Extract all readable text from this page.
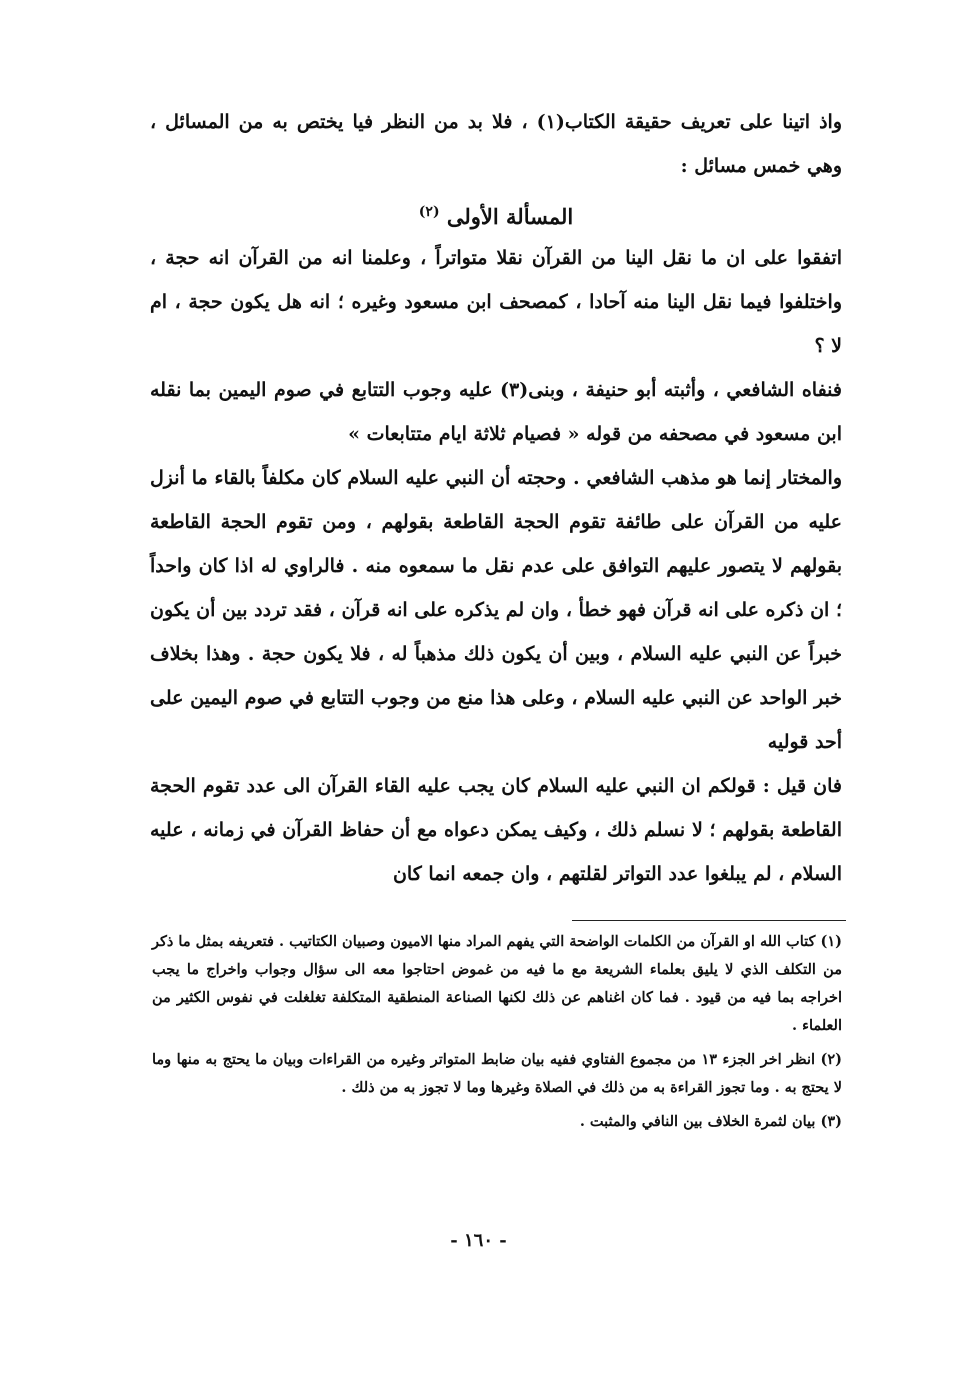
واذ اتينا على تعريف حقيقة الكتاب(١) ، فلا بد من النظر فيا يختص به من المسائل ، وهي خمس مسائل :

المسألة الأولى $^{(٢)}$

اتفقوا على ان ما نقل الينا من القرآن نقلا متواتراً ، وعلمنا انه من القرآن انه حجة ، واختلفوا فيما نقل الينا منه آحادا ، كمصحف ابن مسعود وغيره ؛ انه هل يكون حجة ، ام لا ؟

فنفاه الشافعي ، وأثبته أبو حنيفة ، وبنى(٣) عليه وجوب التتابع في صوم اليمين بما نقله ابن مسعود في مصحفه من قوله « فصيام ثلاثة ايام متتابعات »

والمختار إنما هو مذهب الشافعي . وحجته أن النبي عليه السلام كان مكلفاً بالقاء ما أنزل عليه من القرآن على طائفة تقوم الحجة القاطعة بقولهم ، ومن تقوم الحجة القاطعة بقولهم لا يتصور عليهم التوافق على عدم نقل ما سمعوه منه . فالراوي له اذا كان واحداً ؛ ان ذكره على انه قرآن فهو خطأ ، وان لم يذكره على انه قرآن ، فقد تردد بين أن يكون خبراً عن النبي عليه السلام ، وبين أن يكون ذلك مذهباً له ، فلا يكون حجة . وهذا بخلاف خبر الواحد عن النبي عليه السلام ، وعلى هذا منع من وجوب التتابع في صوم اليمين على أحد قوليه

فان قيل : قولكم ان النبي عليه السلام كان يجب عليه القاء القرآن الى عدد تقوم الحجة القاطعة بقولهم ؛ لا نسلم ذلك ، وكيف يمكن دعواه مع أن حفاظ القرآن في زمانه ، عليه السلام ، لم يبلغوا عدد التواتر لقلتهم ، وان جمعه انما كان

(١) كتاب الله او القرآن من الكلمات الواضحة التي يفهم المراد منها الاميون وصبيان الكتاتيب . فتعريفه بمثل ما ذكر من التكلف الذي لا يليق بعلماء الشريعة مع ما فيه من غموض احتاجوا معه الى سؤال وجواب واخراج ما يجب اخراجه بما فيه من قيود . فما كان اغناهم عن ذلك لكنها الصناعة المنطقية المتكلفة تغلغلت في نفوس الكثير من العلماء .

(٢) انظر اخر الجزء ١٣ من مجموع الفتاوي ففيه بيان ضابط المتواتر وغيره من القراءات وبيان ما يحتج به منها وما لا يحتج به . وما تجوز القراءة به من ذلك في الصلاة وغيرها وما لا تجوز به من ذلك .

(٣) بيان لثمرة الخلاف بين النافي والمثبت .

- ١٦٠ -
